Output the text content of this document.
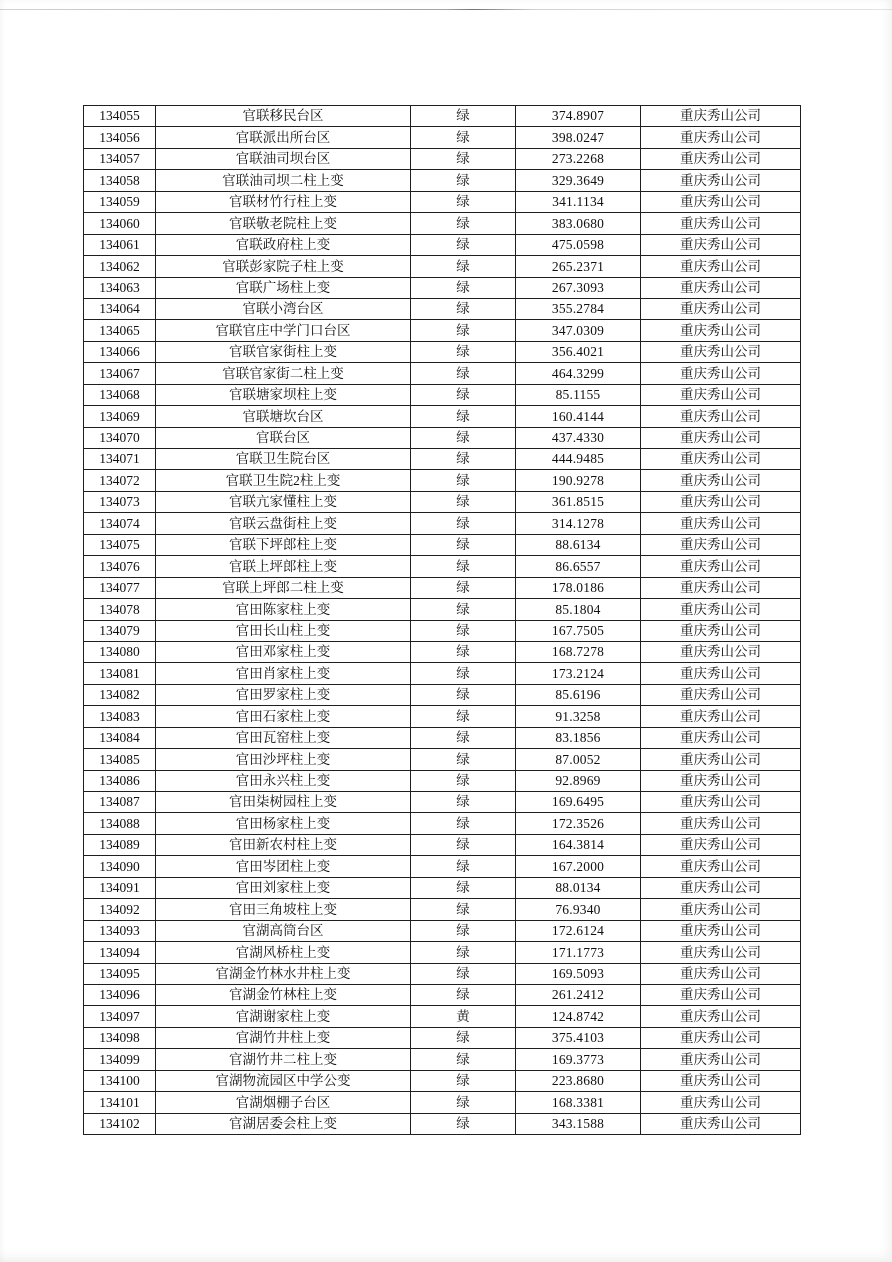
134055	官联移民台区	绿	374.8907	重庆秀山公司
134056	官联派出所台区	绿	398.0247	重庆秀山公司
134057	官联油司坝台区	绿	273.2268	重庆秀山公司
134058	官联油司坝二柱上变	绿	329.3649	重庆秀山公司
134059	官联材竹行柱上变	绿	341.1134	重庆秀山公司
134060	官联敬老院柱上变	绿	383.0680	重庆秀山公司
134061	官联政府柱上变	绿	475.0598	重庆秀山公司
134062	官联彭家院子柱上变	绿	265.2371	重庆秀山公司
134063	官联广场柱上变	绿	267.3093	重庆秀山公司
134064	官联小湾台区	绿	355.2784	重庆秀山公司
134065	官联官庄中学门口台区	绿	347.0309	重庆秀山公司
134066	官联官家街柱上变	绿	356.4021	重庆秀山公司
134067	官联官家街二柱上变	绿	464.3299	重庆秀山公司
134068	官联塘家坝柱上变	绿	85.1155	重庆秀山公司
134069	官联塘坎台区	绿	160.4144	重庆秀山公司
134070	官联台区	绿	437.4330	重庆秀山公司
134071	官联卫生院台区	绿	444.9485	重庆秀山公司
134072	官联卫生院2柱上变	绿	190.9278	重庆秀山公司
134073	官联亢家懂柱上变	绿	361.8515	重庆秀山公司
134074	官联云盘街柱上变	绿	314.1278	重庆秀山公司
134075	官联下坪郎柱上变	绿	88.6134	重庆秀山公司
134076	官联上坪郎柱上变	绿	86.6557	重庆秀山公司
134077	官联上坪郎二柱上变	绿	178.0186	重庆秀山公司
134078	官田陈家柱上变	绿	85.1804	重庆秀山公司
134079	官田长山柱上变	绿	167.7505	重庆秀山公司
134080	官田邓家柱上变	绿	168.7278	重庆秀山公司
134081	官田肖家柱上变	绿	173.2124	重庆秀山公司
134082	官田罗家柱上变	绿	85.6196	重庆秀山公司
134083	官田石家柱上变	绿	91.3258	重庆秀山公司
134084	官田瓦窑柱上变	绿	83.1856	重庆秀山公司
134085	官田沙坪柱上变	绿	87.0052	重庆秀山公司
134086	官田永兴柱上变	绿	92.8969	重庆秀山公司
134087	官田柒树园柱上变	绿	169.6495	重庆秀山公司
134088	官田杨家柱上变	绿	172.3526	重庆秀山公司
134089	官田新农村柱上变	绿	164.3814	重庆秀山公司
134090	官田岑团柱上变	绿	167.2000	重庆秀山公司
134091	官田刘家柱上变	绿	88.0134	重庆秀山公司
134092	官田三角坡柱上变	绿	76.9340	重庆秀山公司
134093	官湖高筒台区	绿	172.6124	重庆秀山公司
134094	官湖风桥柱上变	绿	171.1773	重庆秀山公司
134095	官湖金竹林水井柱上变	绿	169.5093	重庆秀山公司
134096	官湖金竹林柱上变	绿	261.2412	重庆秀山公司
134097	官湖谢家柱上变	黄	124.8742	重庆秀山公司
134098	官湖竹井柱上变	绿	375.4103	重庆秀山公司
134099	官湖竹井二柱上变	绿	169.3773	重庆秀山公司
134100	官湖物流园区中学公变	绿	223.8680	重庆秀山公司
134101	官湖烟棚子台区	绿	168.3381	重庆秀山公司
134102	官湖居委会柱上变	绿	343.1588	重庆秀山公司
